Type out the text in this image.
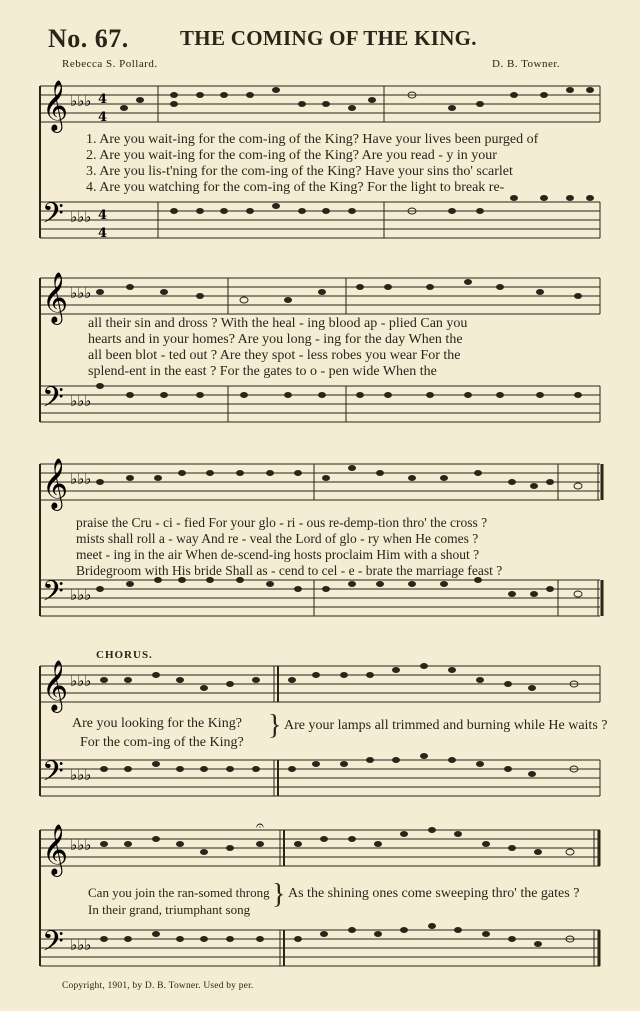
No. 67. THE COMING OF THE KING.
Rebecca S. Pollard.	D. B. Towner.
𝄞
𝄢
♭♭♭
♭♭♭
4
4
4
4
1. Are you wait-ing for the com-ing of the King? Have your lives been purged of
2. Are you wait-ing for the com-ing of the King? Are you read - y in your
3. Are you lis-t'ning for the com-ing of the King? Have your sins tho' scarlet
4. Are you watching for the com-ing of the King? For the light to break re-
𝄞
𝄢
♭♭♭
♭♭♭
all their sin and dross ? With the heal - ing blood ap - plied Can you
hearts and in your homes? Are you long - ing for the day When the
all been blot - ted out ? Are they spot - less robes you wear For the
splend-ent in the east ? For the gates to o - pen wide When the
𝄞
𝄢
♭♭♭
♭♭♭
praise the Cru - ci - fied For your glo - ri - ous re-demp-tion thro' the cross ?
mists shall roll a - way And re - veal the Lord of glo - ry when He comes ?
meet - ing in the air When de-scend-ing hosts proclaim Him with a shout ?
Bridegroom with His bride Shall as - cend to cel - e - brate the marriage feast ?
CHORUS.
𝄞
𝄢
♭♭♭
♭♭♭
Are you looking for the King?
For the com-ing of the King?
} Are your lamps all trimmed and burning while He waits ?
𝄞
𝄢
♭♭♭
♭♭♭
𝄐
Can you join the ran-somed throng
In their grand, triumphant song } As the shining ones come sweeping thro' the gates ?
Copyright, 1901, by D. B. Towner. Used by per.
